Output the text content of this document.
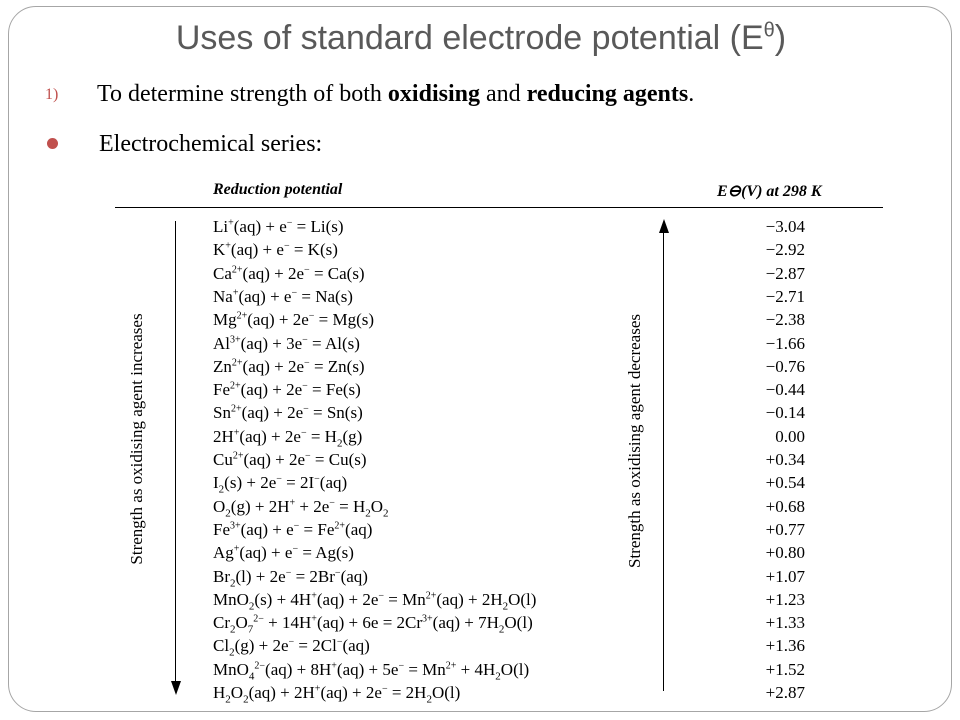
Uses of standard electrode potential $(E^\theta)$
1) To determine strength of both oxidising and reducing agents.
Electrochemical series:
Reduction potential	E⊖(V) at 298 K
Strength as oxidising agent increases	Strength as oxidising agent decreases
Li+(aq) + e− = Li(s)	−3.04
K+(aq) + e− = K(s)	−2.92
$Ca^{2+}(aq) + 2e^- = Ca(s)$	−2.87
Na+(aq) + e− = Na(s)	−2.71
$Mg^{2+}(aq) + 2e^- = Mg(s)$	−2.38
$Al^{3+}(aq) + 3e^- = Al(s)$	−1.66
$Zn^{2+}(aq) + 2e^- = Zn(s)$	−0.76
$Fe^{2+}(aq) + 2e^- = Fe(s)$	−0.44
$Sn^{2+}(aq) + 2e^- = Sn(s)$	−0.14
$2H^+(aq) + 2e^- = H_2(g)$	0.00
$Cu^{2+}(aq) + 2e^- = Cu(s)$	+0.34
$I_2(s) + 2e^- = 2I^-(aq)$	+0.54
$O_2(g) + 2H^+ + 2e^- = H_2O_2$	+0.68
$Fe^{3+}(aq) + e^- = Fe^{2+}(aq)$	+0.77
Ag+(aq) + e− = Ag(s)	+0.80
$Br_2(l) + 2e^- = 2Br^-(aq)$	+1.07
$MnO_2(s) + 4H^+(aq) + 2e^- = Mn^{2+}(aq) + 2H_2O(l)$	+1.23
$Cr_2O_7^{2-} + 14H^+(aq) + 6e = 2Cr^{3+}(aq) + 7H_2O(l)$	+1.33
$Cl_2(g) + 2e^- = 2Cl^-(aq)$	+1.36
$MnO_4^{2-}(aq) + 8H^+(aq) + 5e^- = Mn^{2+} + 4H_2O(l)$	+1.52
$H_2O_2(aq) + 2H^+(aq) + 2e^- = 2H_2O(l)$	+2.87
